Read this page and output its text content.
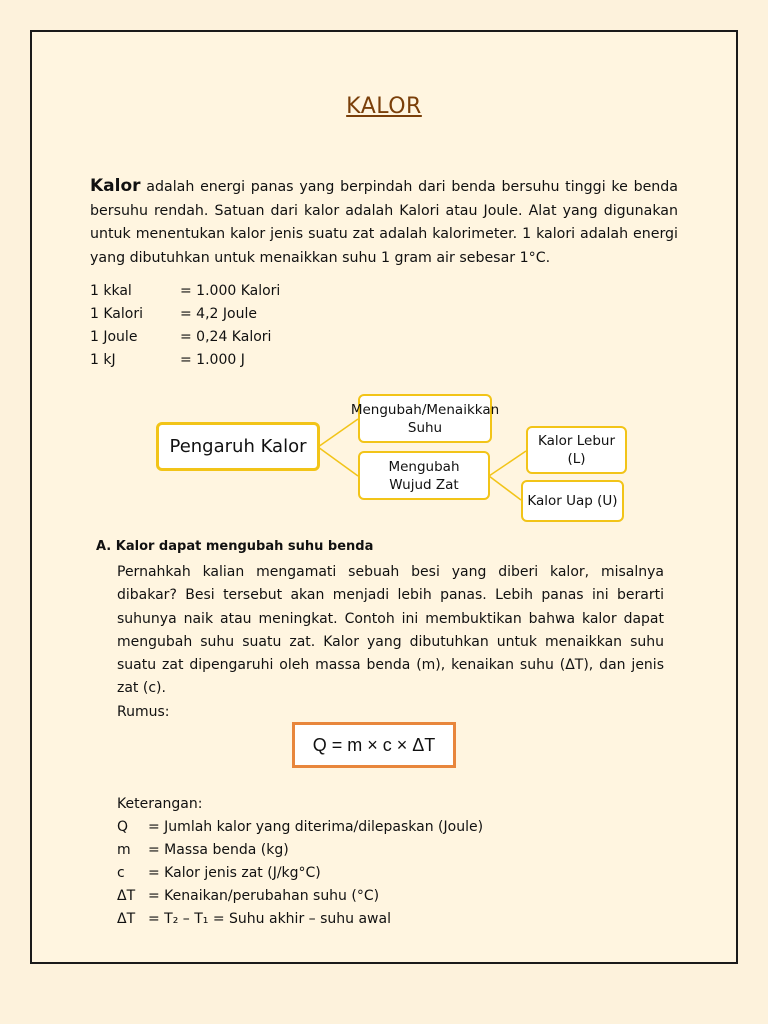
KALOR
Kalor adalah energi panas yang berpindah dari benda bersuhu tinggi ke benda bersuhu rendah. Satuan dari kalor adalah Kalori atau Joule. Alat yang digunakan untuk menentukan kalor jenis suatu zat adalah kalorimeter. 1 kalori adalah energi yang dibutuhkan untuk menaikkan suhu 1 gram air sebesar 1°C.
1 kkal	= 1.000 Kalori
1 Kalori	= 4,2 Joule
1 Joule	= 0,24 Kalori
1 kJ	= 1.000 J
Pengaruh Kalor
Mengubah/Menaikkan Suhu
Mengubah Wujud Zat
Kalor Lebur (L)
Kalor Uap (U)
A. Kalor dapat mengubah suhu benda
Pernahkah kalian mengamati sebuah besi yang diberi kalor, misalnya dibakar? Besi tersebut akan menjadi lebih panas. Lebih panas ini berarti suhunya naik atau meningkat. Contoh ini membuktikan bahwa kalor dapat mengubah suhu suatu zat. Kalor yang dibutuhkan untuk menaikkan suhu suatu zat dipengaruhi oleh massa benda (m), kenaikan suhu (ΔT), dan jenis zat (c).
Rumus:
Q = m × c × ΔT
Keterangan:
Q = Jumlah kalor yang diterima/dilepaskan (Joule)
m = Massa benda (kg)
c = Kalor jenis zat (J/kg°C)
ΔT = Kenaikan/perubahan suhu (°C)
ΔT = T₂ – T₁ = Suhu akhir – suhu awal
